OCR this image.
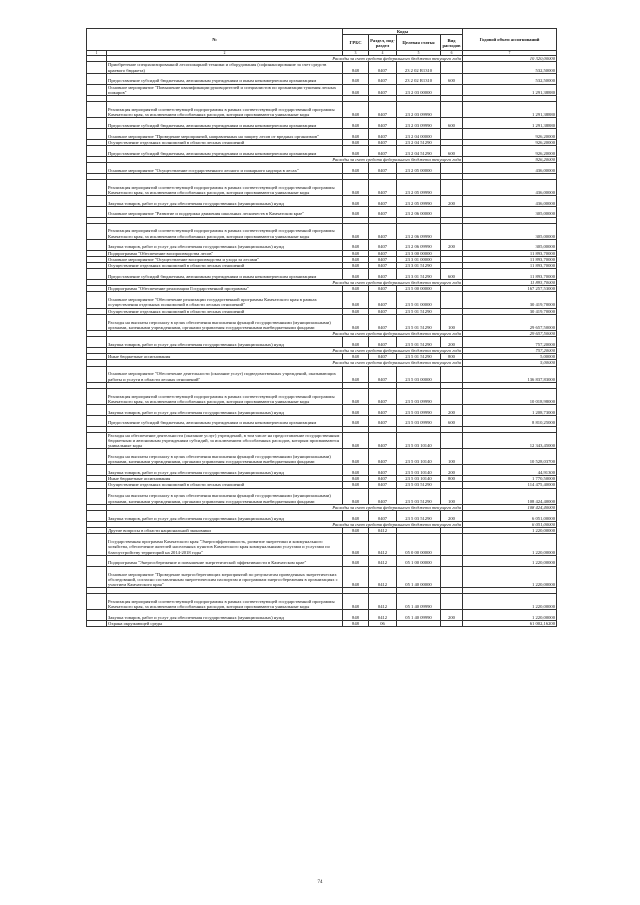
№		Коды				Годовой объем ассигнований
		ГРБС	Раздел, под-раздел	Целевая статья	Вид расходов	
1	2	3	4	5	6	7
	Расходы за счет средств федерального бюджета текущего года					10 320,00000
	Приобретение специализированной лесопожарной техники и оборудования (софинансирование за счет средств краевого бюджета)	848	0407	23 2 02 R1310		532,50000
	Предоставление субсидий бюджетным, автономным учреждениям и иным некоммерческим организациям	848	0407	23 2 02 R1310	600	532,50000
	Основное мероприятие "Повышение квалификации руководителей и специалистов по организации тушения лесных пожаров"	848	0407	23 2 03 00000		1 291,38880

	Реализация мероприятий соответствующей подпрограммы в рамках соответствующей государственной программы Камчатского края, за исключением обособленных расходов, которым присваиваются уникальные коды	848	0407	23 2 03 09990		1 291,38880
	Предоставление субсидий бюджетным, автономным учреждениям и иным некоммерческим организациям	848	0407	23 2 03 09990	600	1 291,38880
	Основное мероприятие "Проведение мероприятий, направленных на защиту лесов от вредных организмов"	848	0407	23 2 04 00000		926,20000
	Осуществление отдельных полномочий в области лесных отношений	848	0407	23 2 04 51290		926,20000
	Предоставление субсидий бюджетным, автономным учреждениям и иным некоммерческим организациям	848	0407	23 2 04 51290	600	926,20000
	Расходы за счет средств федерального бюджета текущего года					926,20000
	Основное мероприятие "Осуществление государственного лесного и пожарного надзора в лесах"	848	0407	23 2 05 00000		436,00000

	Реализация мероприятий соответствующей подпрограммы в рамках соответствующей государственной программы Камчатского края, за исключением обособленных расходов, которым присваиваются уникальные коды	848	0407	23 2 05 09990		436,00000
	Закупка товаров, работ и услуг для обеспечения государственных (муниципальных) нужд	848	0407	23 2 05 09990	200	436,00000
	Основное мероприятие "Развитие и поддержка движения школьных лесничеств в Камчатском крае"	848	0407	23 2 06 00000		305,00000

	Реализация мероприятий соответствующей подпрограммы в рамках соответствующей государственной программы Камчатского края, за исключением обособленных расходов, которым присваиваются уникальные коды	848	0407	23 2 06 09990		305,00000
	Закупка товаров, работ и услуг для обеспечения государственных (муниципальных) нужд	848	0407	23 2 06 09990	200	305,00000
	Подпрограмма "Обеспечение воспроизводства лесов"	848	0407	23 3 00 00000		11 893,70000
	Основное мероприятие "Осуществление воспроизводства и ухода за лесами"	848	0407	23 3 01 00000		11 893,70000
	Осуществление отдельных полномочий в области лесных отношений	848	0407	23 3 01 51290		11 893,70000
	Предоставление субсидий бюджетным, автономным учреждениям и иным некоммерческим организациям	848	0407	23 3 01 51290	600	11 893,70000
	Расходы за счет средств федерального бюджета текущего года					11 893,70000
	Подпрограмма "Обеспечение реализации Государственной программы"	848	0407	23 5 00 00000		167 257,53000
	Основное мероприятие "Обеспечение реализации государственной программы Камчатского края в рамках осуществления отдельных полномочий в области лесных отношений"	848	0407	23 5 01 00000		30 419,70000
	Осуществление отдельных полномочий в области лесных отношений	848	0407	23 5 01 51290		30 419,70000
	Расходы на выплаты персоналу в целях обеспечения выполнения функций государственными (муниципальными) органами, казенными учреждениями, органами управления государственными внебюджетными фондами	848	0407	23 5 01 51290	100	29 657,50000
	Расходы за счет средств федерального бюджета текущего года					29 657,50000
	Закупка товаров, работ и услуг для обеспечения государственных (муниципальных) нужд	848	0407	23 5 01 51290	200	757,20000
	Расходы за счет средств федерального бюджета текущего года					757,20000
	Иные бюджетные ассигнования	848	0407	23 5 01 51290	800	5,00000
	Расходы за счет средств федерального бюджета текущего года					5,00000
	Основное мероприятие "Обеспечение деятельности (оказание услуг) подведомственных учреждений, оказывающих работы и услуги в области лесных отношений"	848	0407	23 5 03 00000		136 837,83000

	Реализация мероприятий соответствующей подпрограммы в рамках соответствующей государственной программы Камчатского края, за исключением обособленных расходов, которым присваиваются уникальные коды	848	0407	23 5 03 09990		10 018,98000
	Закупка товаров, работ и услуг для обеспечения государственных (муниципальных) нужд	848	0407	23 5 03 09990	200	1 208,73000
	Предоставление субсидий бюджетным, автономным учреждениям и иным некоммерческим организациям	848	0407	23 5 03 09990	600	8 810,25000

	Расходы на обеспечение деятельности (оказание услуг) учреждений, в том числе на предоставление государственным бюджетным и автономным учреждениям субсидий, за исключением обособленных расходов, которым присваиваются уникальные коды	848	0407	23 5 03 10140		12 343,45000
	Расходы на выплаты персоналу в целях обеспечения выполнения функций государственными (муниципальными) органами, казенными учреждениями, органами управления государственными внебюджетными фондами	848	0407	23 5 03 10140	100	10 528,03700
	Закупка товаров, работ и услуг для обеспечения государственных (муниципальных) нужд	848	0407	23 5 03 10140	200	44,91300
	Иные бюджетные ассигнования	848	0407	23 5 03 10140	800	1 770,50000
	Осуществление отдельных полномочий в области лесных отношений	848	0407	23 5 03 51290		114 475,40000
	Расходы на выплаты персоналу в целях обеспечения выполнения функций государственными (муниципальными) органами, казенными учреждениями, органами управления государственными внебюджетными фондами	848	0407	23 5 03 51290	100	108 424,40000
	Расходы за счет средств федерального бюджета текущего года					108 424,40000
	Закупка товаров, работ и услуг для обеспечения государственных (муниципальных) нужд	848	0407	23 5 03 51290	200	6 051,00000
	Расходы за счет средств федерального бюджета текущего года					6 051,00000
	Другие вопросы в области национальной экономики	848	0412			1 220,00000
	Государственная программа Камчатского края "Энергоэффективность, развитие энергетики и коммунального хозяйства, обеспечение жителей населенных пунктов Камчатского края коммунальными услугами и услугами по благоустройству территорий на 2014-2018 годы"	848	0412	05 0 00 00000		1 220,00000
	Подпрограмма "Энергосбережение и повышение энергетической эффективности в Камчатском крае"	848	0412	05 1 00 00000		1 220,00000
	Основное мероприятие "Проведение энергосберегающих мероприятий по результатам проведенных энергетических обследований, согласно составленным энергетическим паспортам и программам энергосбережения в организациях с участием Камчатского края"	848	0412	05 1 40 00000		1 220,00000

	Реализация мероприятий соответствующей подпрограммы в рамках соответствующей государственной программы Камчатского края, за исключением обособленных расходов, которым присваиваются уникальные коды	848	0412	05 1 40 09990		1 220,00000
	Закупка товаров, работ и услуг для обеспечения государственных (муниципальных) нужд	848	0412	05 1 40 09990	200	1 220,00000
	Охрана окружающей среды	848	06			61 002,16200
74
